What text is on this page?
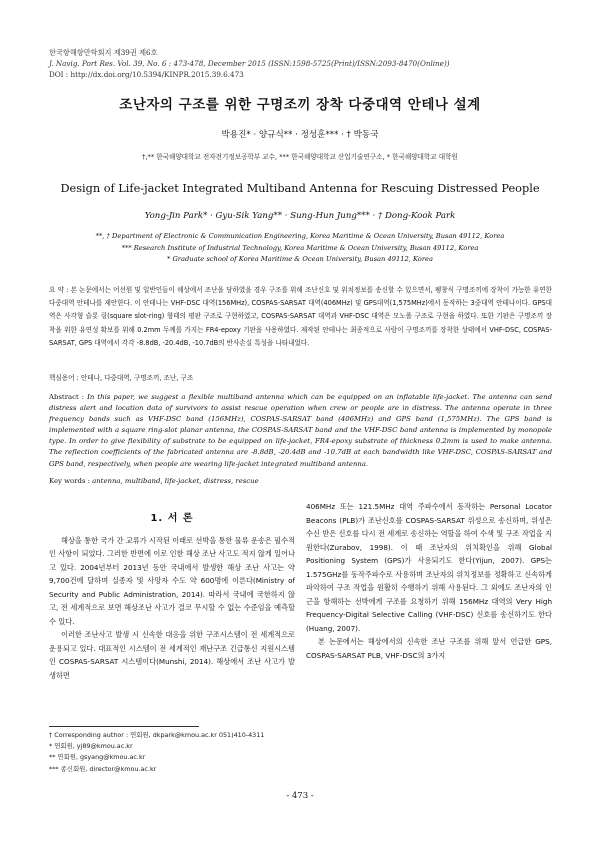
한국항해항만학회지 제39권 제6호
J. Navig. Port Res. Vol. 39, No. 6 : 473-478, December 2015 (ISSN:1598-5725(Print)/ISSN:2093-8470(Online))
DOI : http://dx.doi.org/10.5394/KINPR.2015.39.6.473
조난자의 구조를 위한 구명조끼 장착 다중대역 안테나 설계
박용진* · 양규식** · 정성훈*** · † 박동국
†,** 한국해양대학교 전자전기정보공학부 교수, *** 한국해양대학교 산업기술연구소, * 한국해양대학교 대학원
Design of Life-jacket Integrated Multiband Antenna for Rescuing Distressed People
Yong-Jin Park* · Gyu-Sik Yang** · Sung-Hun Jung*** · † Dong-Kook Park
**, † Department of Electronic & Communication Engineering, Korea Maritime & Ocean University, Busan 49112, Korea
*** Research Institute of Industrial Technology, Korea Maritime & Ocean University, Busan 49112, Korea
* Graduate school of Korea Maritime & Ocean University, Busan 49112, Korea
요 약 : 본 논문에서는 어선원 및 일반인들이 해상에서 조난을 당하였을 경우 구조를 위해 조난신호 및 위치정보를 송신할 수 있으면서, 팽창식 구명조끼에 장착이 가능한 유연한 다중대역 안테나를 제안한다. 이 안테나는 VHF-DSC 대역(156MHz), COSPAS-SARSAT 대역(406MHz) 및 GPS대역(1,575MHz)에서 동작하는 3중대역 안테나이다. GPS대역은 사각형 슬롯 링(square slot-ring) 형태의 평판 구조로 구현하였고, COSPAS-SARSAT 대역과 VHF-DSC 대역은 모노폴 구조로 구현을 하였다. 또한 기판은 구명조끼 장착을 위한 유연성 확보를 위해 0.2mm 두께를 가지는 FR4-epoxy 기판을 사용하였다. 제작된 안테나는 최종적으로 사람이 구명조끼를 장착한 상태에서 VHF-DSC, COSPAS-SARSAT, GPS 대역에서 각각 -8.8dB, -20.4dB, -10.7dB의 반사손실 특성을 나타내었다.
핵심용어 : 안테나, 다중대역, 구명조끼, 조난, 구조
Abstract : In this paper, we suggest a flexible multiband antenna which can be equipped on an inflatable life-jacket. The antenna can send distress alert and location data of survivors to assist rescue operation when crew or people are in distress. The antenna operate in three frequency bands such as VHF-DSC band (156MHz), COSPAS-SARSAT band (406MHz) and GPS band (1,575MHz). The GPS band is implemented with a square ring-slot planar antenna, the COSPAS-SARSAT band and the VHF-DSC band antenna is implemented by monopole type. In order to give flexibility of substrate to be equipped on life-jacket, FR4-epoxy substrate of thickness 0.2mm is used to make antenna. The reflection coefficients of the fabricated antenna are -8.8dB, -20.4dB and -10.7dB at each bandwidth like VHF-DSC, COSPAS-SARSAT and GPS band, respectively, when people are wearing life-jacket integrated multiband antenna.
Key words : antenna, multiband, life-jacket, distress, rescue
1. 서 론

해상을 통한 국가 간 교류가 시작된 이래로 선박을 통한 물류 운송은 필수적인 사항이 되었다. 그러한 반면에 이로 인한 해상 조난 사고도 적지 않게 일어나고 있다. 2004년부터 2013년 동안 국내에서 발생한 해상 조난 사고는 약 9,700건에 달하며 실종자 및 사망자 수도 약 600명에 이른다(Ministry of Security and Public Administration, 2014). 따라서 국내에 국한하지 않고, 전 세계적으로 보면 해상조난 사고가 결코 무시할 수 없는 수준임을 예측할 수 있다.

이러한 조난사고 발생 시 신속한 대응을 위한 구조시스템이 전 세계적으로 운용되고 있다. 대표적인 시스템이 전 세계적인 재난구조 긴급통신 지원시스템인 COSPAS-SARSAT 시스템이다(Munshi, 2014). 해상에서 조난 사고가 발생하면

406MHz 또는 121.5MHz 대역 주파수에서 동작하는 Personal Locator Beacons (PLB)가 조난신호를 COSPAS-SARSAT 위성으로 송신하며, 위성은 수신 받은 신호를 다시 전 세계로 송신하는 역할을 하여 수색 및 구조 작업을 지원한다(Zurabov, 1998). 이 때 조난자의 위치확인을 위해 Global Positioning System (GPS)가 사용되기도 한다(Yijun, 2007). GPS는 1.575GHz를 동작주파수로 사용하며 조난자의 위치정보를 정확하고 신속하게 파악하여 구조 작업을 원활히 수행하기 위해 사용된다. 그 외에도 조난자의 인근을 항해하는 선박에게 구조를 요청하기 위해 156MHz 대역의 Very High Frequency-Digital Selective Calling (VHF-DSC) 신호를 송신하기도 한다(Huang, 2007).

본 논문에서는 해상에서의 신속한 조난 구조를 위해 앞서 언급한 GPS, COSPAS-SARSAT PLB, VHF-DSC의 3가지

† Corresponding author : 연회원, dkpark@kmou.ac.kr 051)410-4311
* 연회원, yj89@kmou.ac.kr
** 연회원, gsyang@kmou.ac.kr
*** 종신회원, director@kmou.ac.kr
- 473 -
